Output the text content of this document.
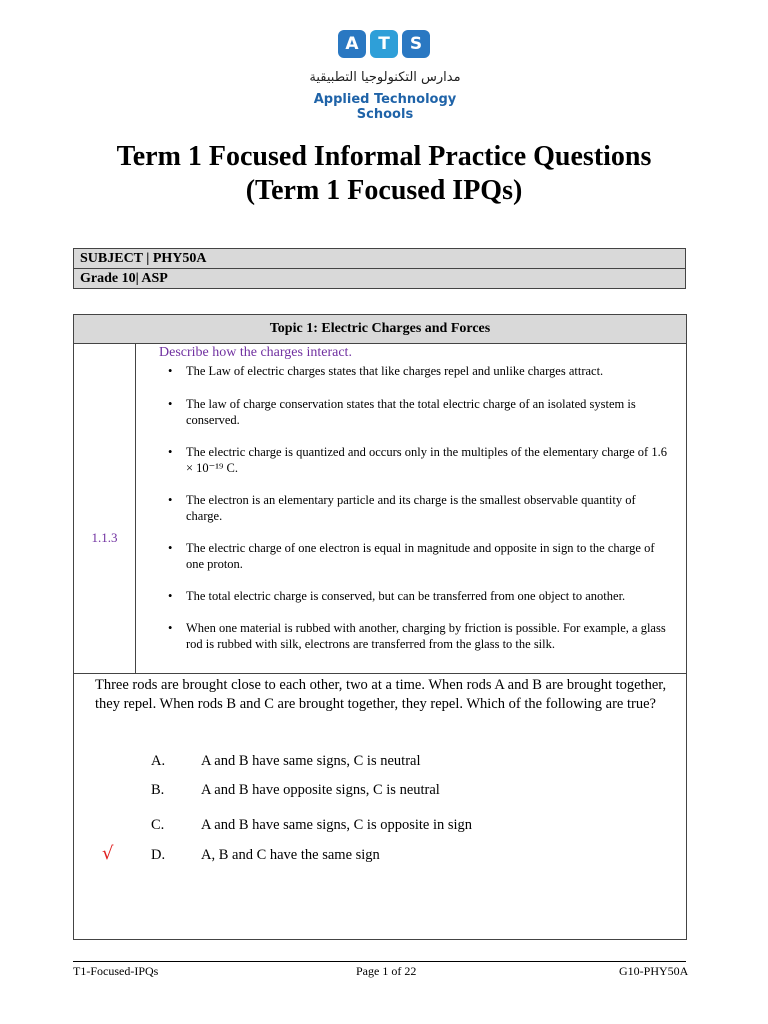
A	T	S
مدارس التكنولوجيا التطبيقية
Applied Technology Schools
Term 1 Focused Informal Practice Questions
(Term 1 Focused IPQs)
SUBJECT | PHY50A
Grade 10| ASP
Topic 1: Electric Charges and Forces
1.1.3
Describe how the charges interact.
• The Law of electric charges states that like charges repel and unlike charges attract.
• The law of charge conservation states that the total electric charge of an isolated system is conserved.
• The electric charge is quantized and occurs only in the multiples of the elementary charge of 1.6 × 10⁻¹⁹ C.
• The electron is an elementary particle and its charge is the smallest observable quantity of charge.
• The electric charge of one electron is equal in magnitude and opposite in sign to the charge of one proton.
• The total electric charge is conserved, but can be transferred from one object to another.
• When one material is rubbed with another, charging by friction is possible. For example, a glass rod is rubbed with silk, electrons are transferred from the glass to the silk.
Three rods are brought close to each other, two at a time. When rods A and B are brought together, they repel. When rods B and C are brought together, they repel. Which of the following are true?
A. A and B have same signs, C is neutral
B.	A and B have opposite signs, C is neutral
C.	A and B have same signs, C is opposite in sign
D. A, B and C have the same sign
√
T1-Focused-IPQs	Page 1 of 22	G10-PHY50A
